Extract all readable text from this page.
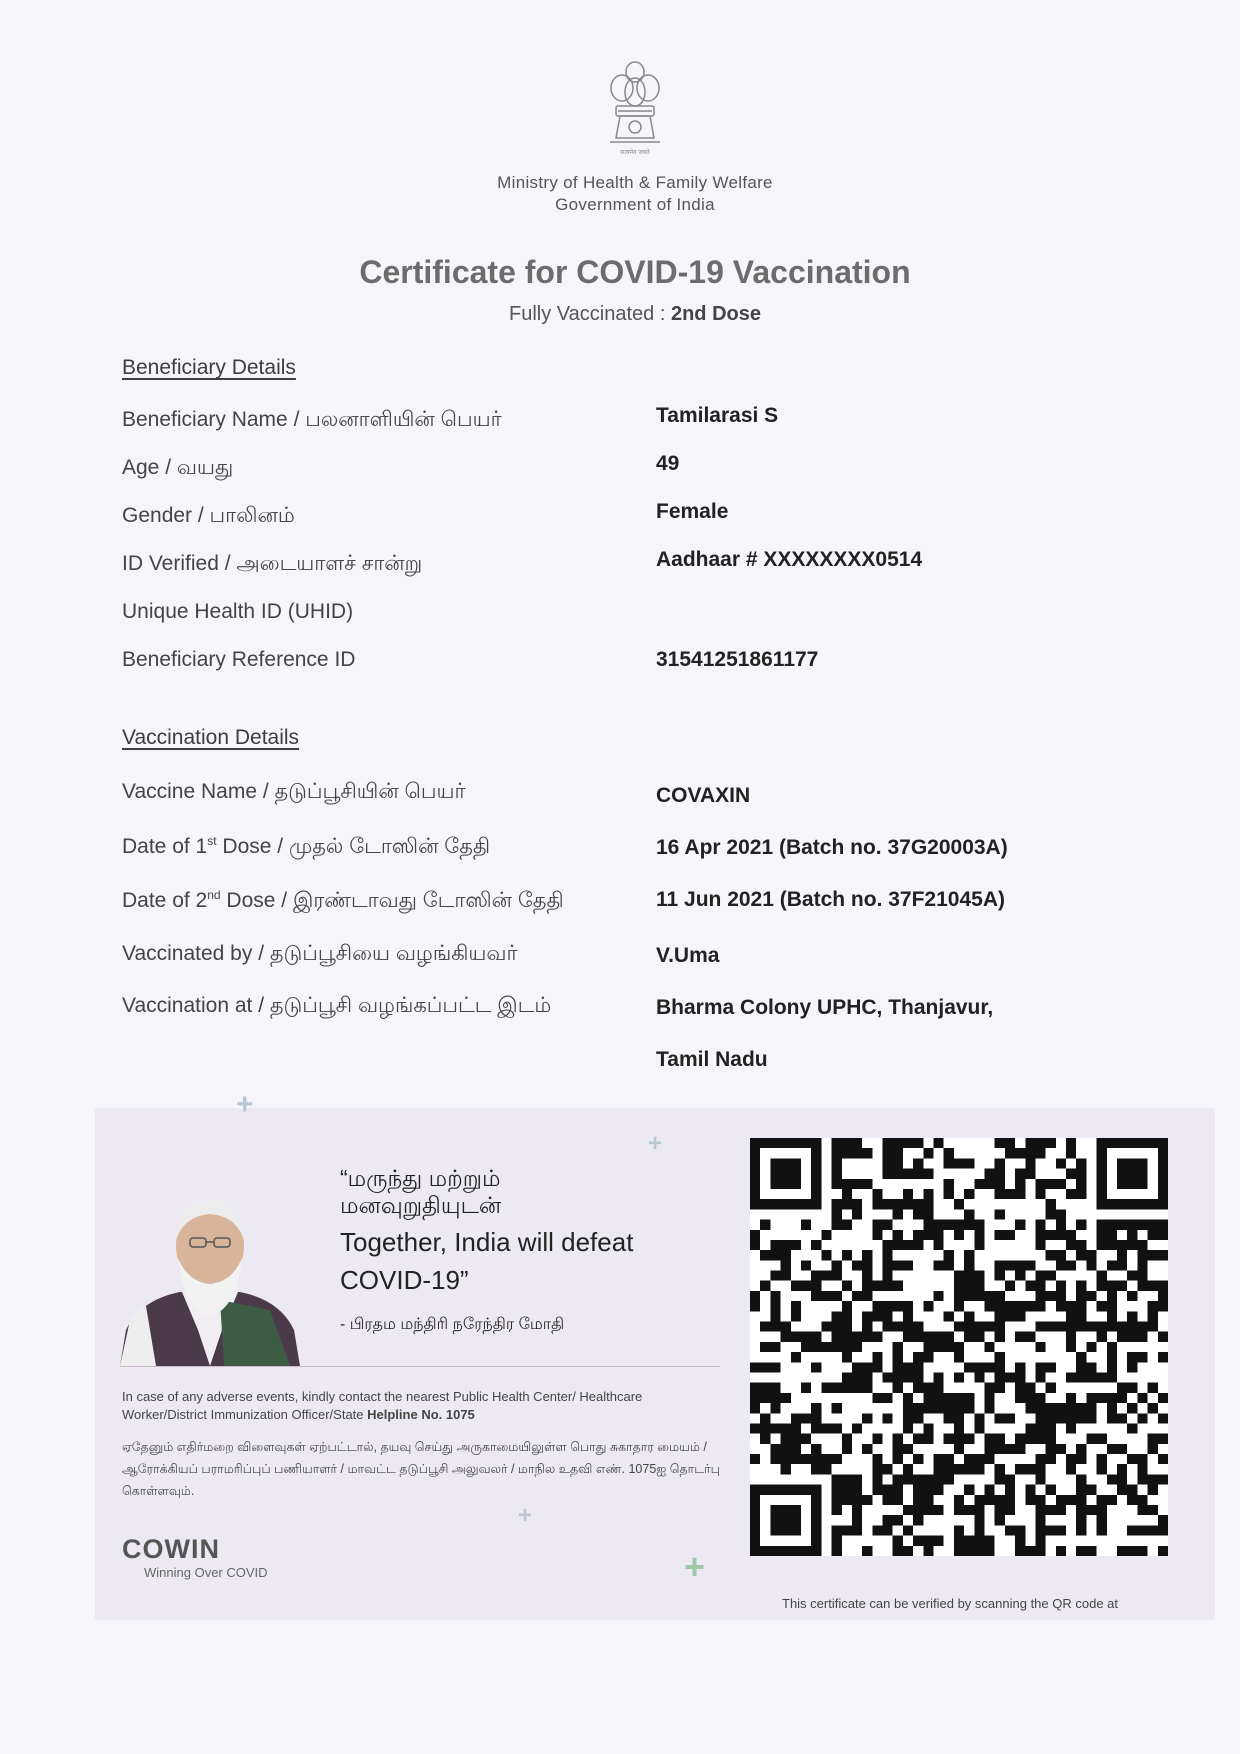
सत्यमेव जयते
Ministry of Health & Family Welfare
Government of India
Certificate for COVID-19 Vaccination
Fully Vaccinated : 2nd Dose
Beneficiary Details
Beneficiary Name / பலனாளியின் பெயர்	Tamilarasi S
Age / வயது	49
Gender / பாலினம்	Female
ID Verified / அடையாளச் சான்று	Aadhaar # XXXXXXXX0514
Unique Health ID (UHID)
Beneficiary Reference ID	31541251861177
Vaccination Details
Vaccine Name / தடுப்பூசியின் பெயர்	COVAXIN
Date of 1st Dose / முதல் டோஸின் தேதி	16 Apr 2021 (Batch no. 37G20003A)
Date of 2nd Dose / இரண்டாவது டோஸின் தேதி	11 Jun 2021 (Batch no. 37F21045A)
Vaccinated by / தடுப்பூசியை வழங்கியவர்	V.Uma
Vaccination at / தடுப்பூசி வழங்கப்பட்ட இடம்	Bharma Colony UPHC, Thanjavur,
Tamil Nadu
+
+
+
+
“மருந்து மற்றும்
மனவுறுதியுடன்
Together, India will defeat COVID-19”
- பிரதம மந்திரி நரேந்திர மோதி
In case of any adverse events, kindly contact the nearest Public Health Center/ Healthcare Worker/District Immunization Officer/State Helpline No. 1075
ஏதேனும் எதிர்மறை விளைவுகள் ஏற்பட்டால், தயவு செய்து அருகாமையிலுள்ள பொது சுகாதார மையம் / ஆரோக்கியப் பராமரிப்புப் பணியாளர் / மாவட்ட தடுப்பூசி அலுவலர் / மாநில உதவி எண். 1075ஐ தொடர்பு கொள்ளவும்.
COWIN
Winning Over COVID
This certificate can be verified by scanning the QR code at
